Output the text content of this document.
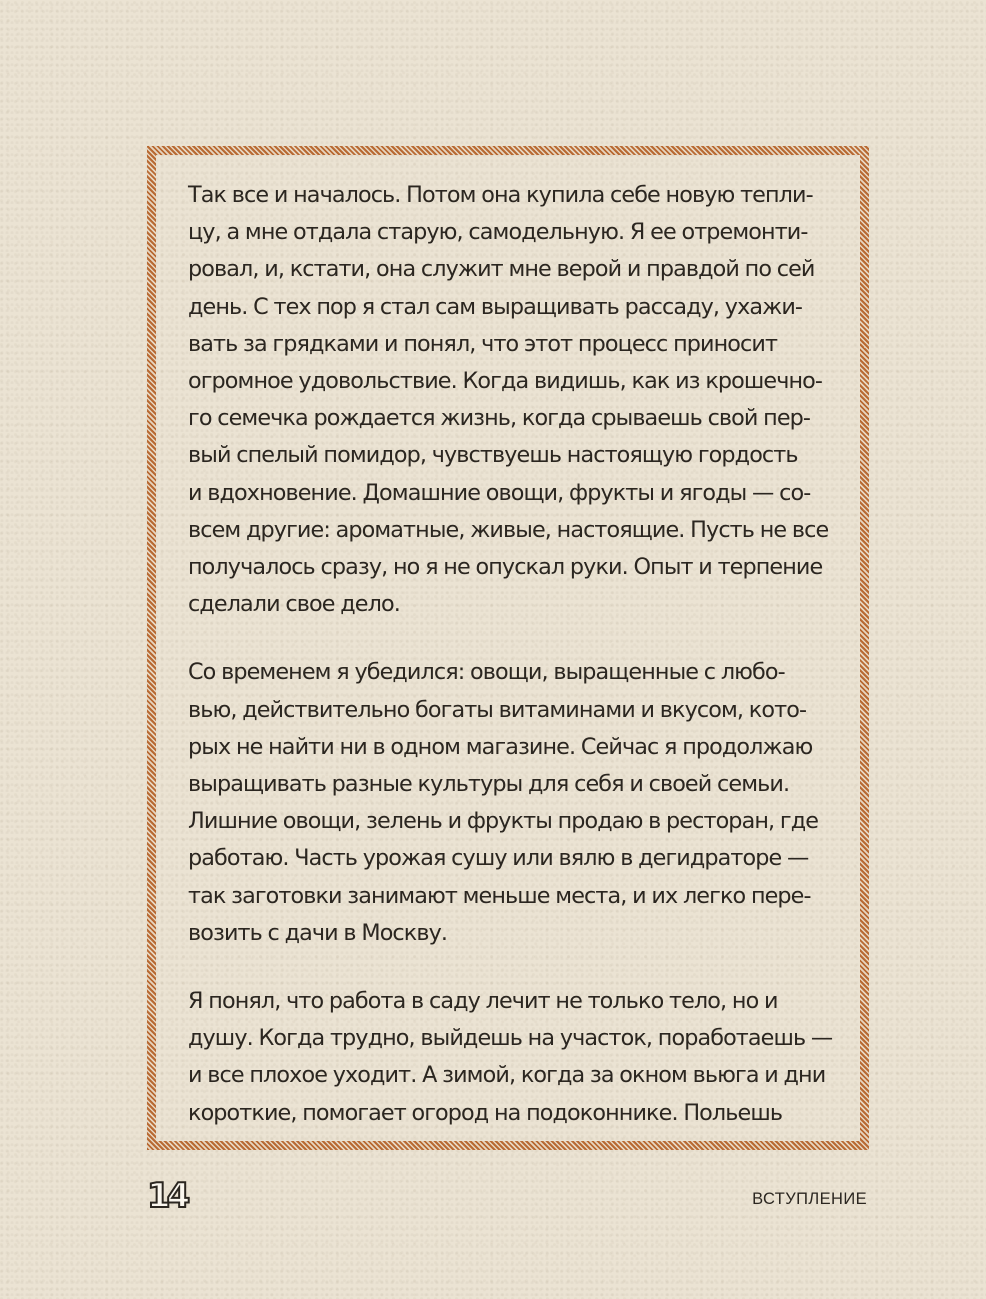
Так все и началось. Потом она купила себе новую тепли-
цу, а мне отдала старую, самодельную. Я ее отремонти-
ровал, и, кстати, она служит мне верой и правдой по сей
день. С тех пор я стал сам выращивать рассаду, ухажи-
вать за грядками и понял, что этот процесс приносит
огромное удовольствие. Когда видишь, как из крошечно-
го семечка рождается жизнь, когда срываешь свой пер-
вый спелый помидор, чувствуешь настоящую гордость
и вдохновение. Домашние овощи, фрукты и ягоды — со-
всем другие: ароматные, живые, настоящие. Пусть не все
получалось сразу, но я не опускал руки. Опыт и терпение
сделали свое дело.

Со временем я убедился: овощи, выращенные с любо-
вью, действительно богаты витаминами и вкусом, кото-
рых не найти ни в одном магазине. Сейчас я продолжаю
выращивать разные культуры для себя и своей семьи.
Лишние овощи, зелень и фрукты продаю в ресторан, где
работаю. Часть урожая сушу или вялю в дегидраторе —
так заготовки занимают меньше места, и их легко пере-
возить с дачи в Москву.

Я понял, что работа в саду лечит не только тело, но и
душу. Когда трудно, выйдешь на участок, поработаешь —
и все плохое уходит. А зимой, когда за окном вьюга и дни
короткие, помогает огород на подоконнике. Польешь

14	ВСТУПЛЕНИЕ
